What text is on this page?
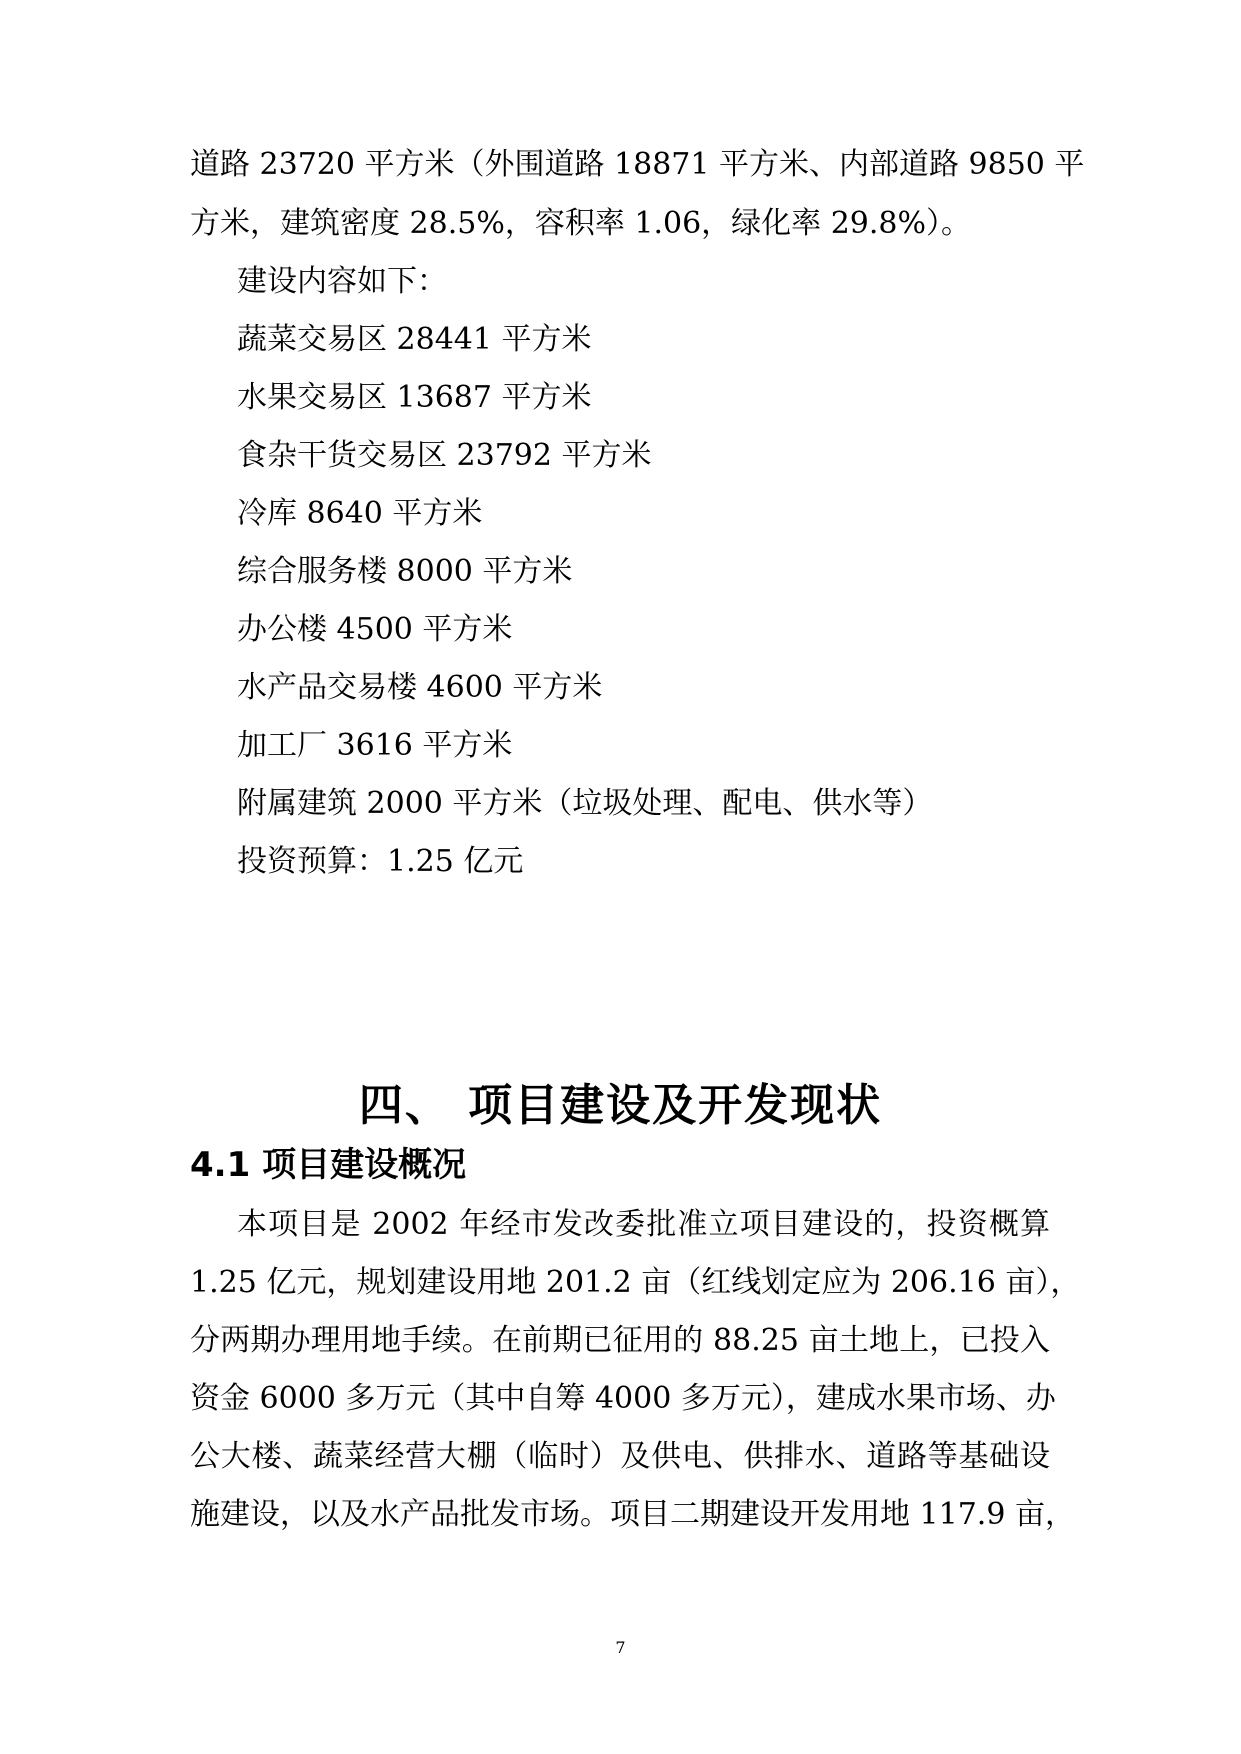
道路 23720 平方米（外围道路 18871 平方米、内部道路 9850 平
方米，建筑密度 28.5%，容积率 1.06，绿化率 29.8%）。
建设内容如下：
蔬菜交易区 28441 平方米
水果交易区 13687 平方米
食杂干货交易区 23792 平方米
冷库 8640 平方米
综合服务楼 8000 平方米
办公楼 4500 平方米
水产品交易楼 4600 平方米
加工厂 3616 平方米
附属建筑 2000 平方米（垃圾处理、配电、供水等）
投资预算：1.25 亿元
四、 项目建设及开发现状
4.1 项目建设概况
本项目是 2002 年经市发改委批准立项目建设的，投资概算
1.25 亿元，规划建设用地 201.2 亩（红线划定应为 206.16 亩），
分两期办理用地手续。在前期已征用的 88.25 亩土地上，已投入
资金 6000 多万元（其中自筹 4000 多万元），建成水果市场、办
公大楼、蔬菜经营大棚（临时）及供电、供排水、道路等基础设
施建设，以及水产品批发市场。项目二期建设开发用地 117.9 亩，
7
